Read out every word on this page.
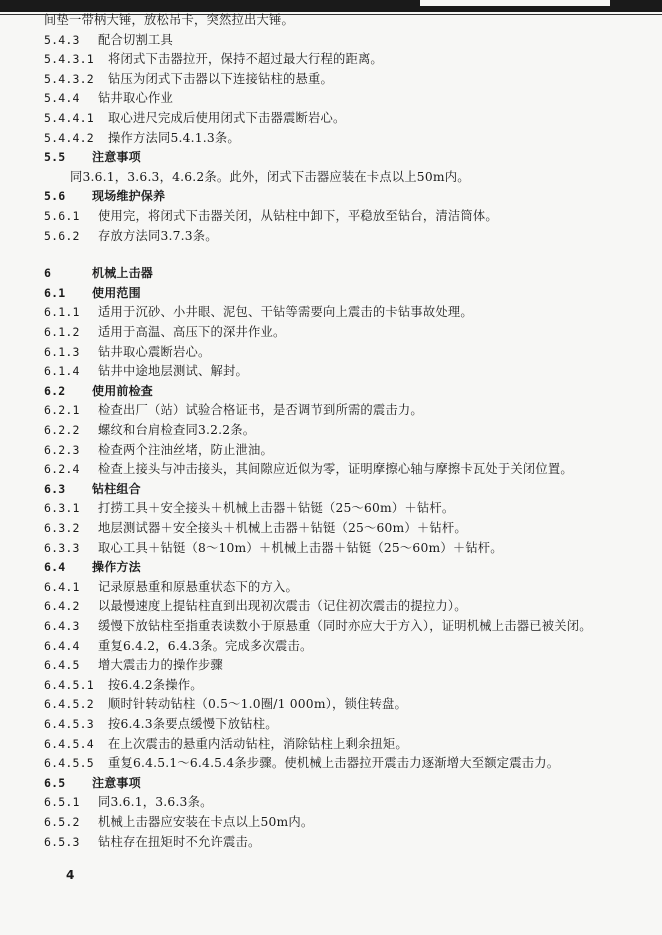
间垫一带柄大锤，放松吊卡，突然拉出大锤。
5.4.3 配合切割工具
5.4.3.1 将闭式下击器拉开，保持不超过最大行程的距离。
5.4.3.2 钻压为闭式下击器以下连接钻柱的悬重。
5.4.4 钻井取心作业
5.4.4.1 取心进尺完成后使用闭式下击器震断岩心。
5.4.4.2 操作方法同5.4.1.3条。
5.5 注意事项
同3.6.1，3.6.3，4.6.2条。此外，闭式下击器应装在卡点以上50m内。
5.6 现场维护保养
5.6.1 使用完，将闭式下击器关闭，从钻柱中卸下，平稳放至钻台，清洁筒体。
5.6.2 存放方法同3.7.3条。
6	机械上击器
6.1 使用范围
6.1.1 适用于沉砂、小井眼、泥包、干钻等需要向上震击的卡钻事故处理。
6.1.2 适用于高温、高压下的深井作业。
6.1.3 钻井取心震断岩心。
6.1.4 钻井中途地层测试、解封。
6.2 使用前检查
6.2.1 检查出厂（站）试验合格证书，是否调节到所需的震击力。
6.2.2 螺纹和台肩检查同3.2.2条。
6.2.3 检查两个注油丝堵，防止泄油。
6.2.4 检查上接头与冲击接头，其间隙应近似为零，证明摩擦心轴与摩擦卡瓦处于关闭位置。
6.3 钻柱组合
6.3.1 打捞工具＋安全接头＋机械上击器＋钻铤（25～60m）＋钻杆。
6.3.2 地层测试器＋安全接头＋机械上击器＋钻铤（25～60m）＋钻杆。
6.3.3 取心工具＋钻铤（8～10m）＋机械上击器＋钻铤（25～60m）＋钻杆。
6.4 操作方法
6.4.1 记录原悬重和原悬重状态下的方入。
6.4.2 以最慢速度上提钻柱直到出现初次震击（记住初次震击的提拉力）。
6.4.3 缓慢下放钻柱至指重表读数小于原悬重（同时亦应大于方入），证明机械上击器已被关闭。
6.4.4 重复6.4.2，6.4.3条。完成多次震击。
6.4.5 增大震击力的操作步骤
6.4.5.1 按6.4.2条操作。
6.4.5.2 顺时针转动钻柱（0.5～1.0圈/1 000m），锁住转盘。
6.4.5.3 按6.4.3条要点缓慢下放钻柱。
6.4.5.4 在上次震击的悬重内活动钻柱，消除钻柱上剩余扭矩。
6.4.5.5 重复6.4.5.1～6.4.5.4条步骤。使机械上击器拉开震击力逐渐增大至额定震击力。
6.5 注意事项
6.5.1 同3.6.1，3.6.3条。
6.5.2 机械上击器应安装在卡点以上50m内。
6.5.3 钻柱存在扭矩时不允许震击。
4
